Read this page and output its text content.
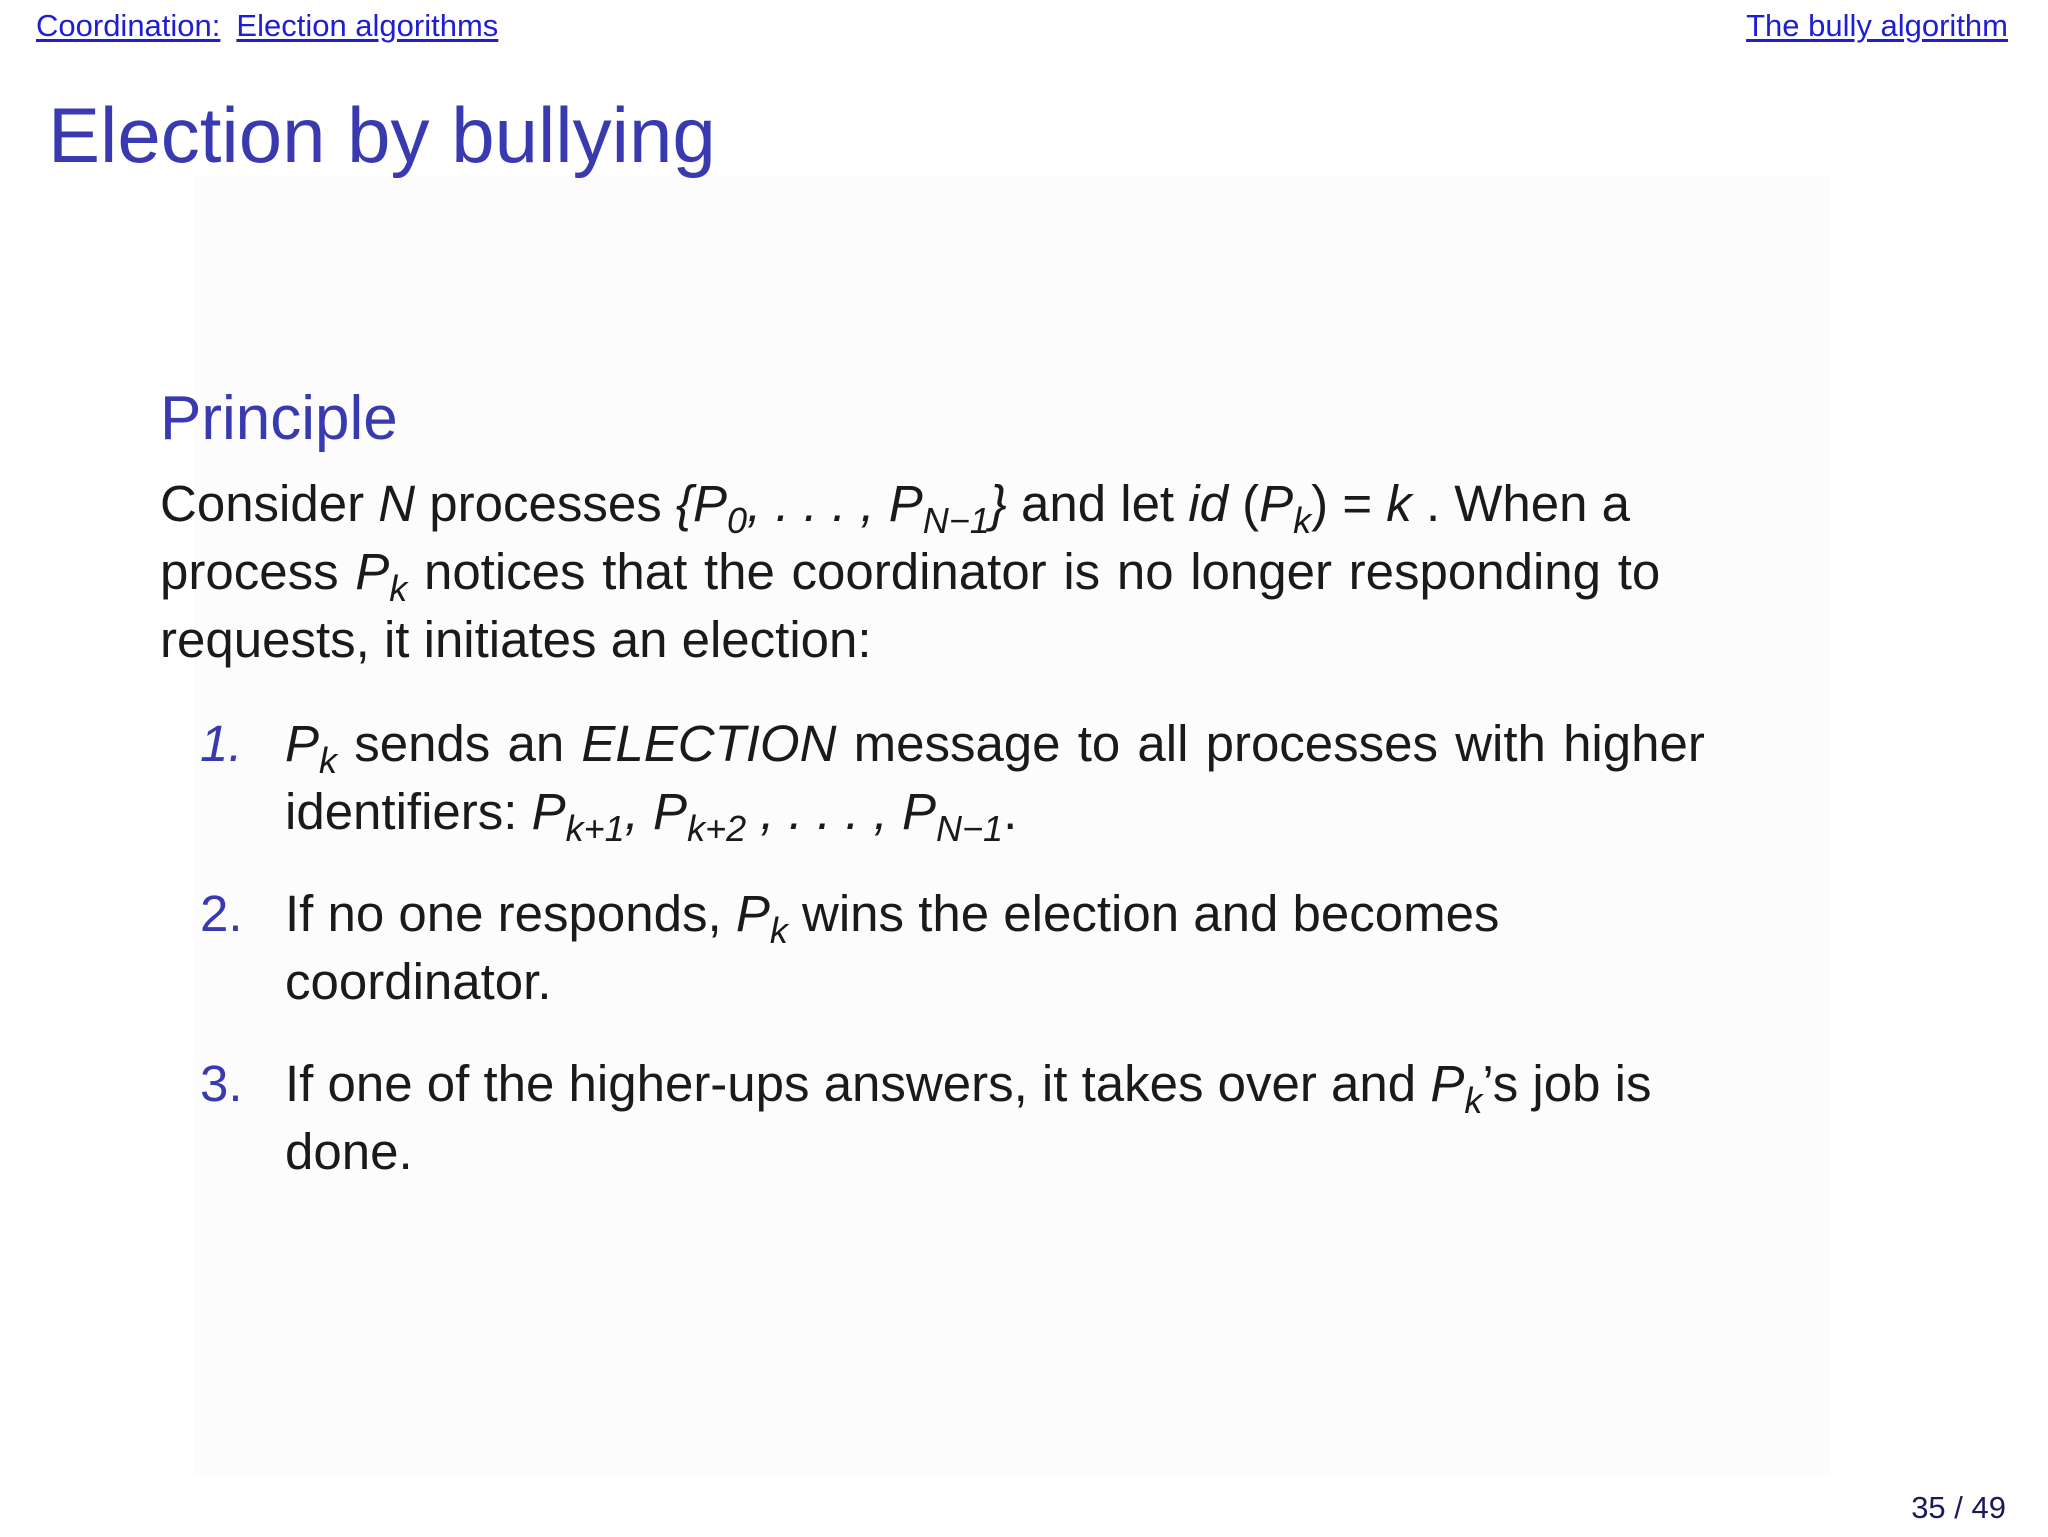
Coordination: Election algorithms	The bully algorithm
Election by bullying
Principle
Consider N processes {$P_0$, . . . , $P_{N-1}$} and let id $(P_k) = k$ . When a
process $P_k$ notices that the coordinator is no longer responding to
requests, it initiates an election:
1. $P_k$ sends an ELECTION message to all processes with higher
identifiers: $P_{k+1}$, $P_{k+2}$ , . . . , $P_{N-1}$.
2. If no one responds, $P_k$ wins the election and becomes
coordinator.
3. If one of the higher-ups answers, it takes over and $P_k’s$ job is
done.
35 / 49
